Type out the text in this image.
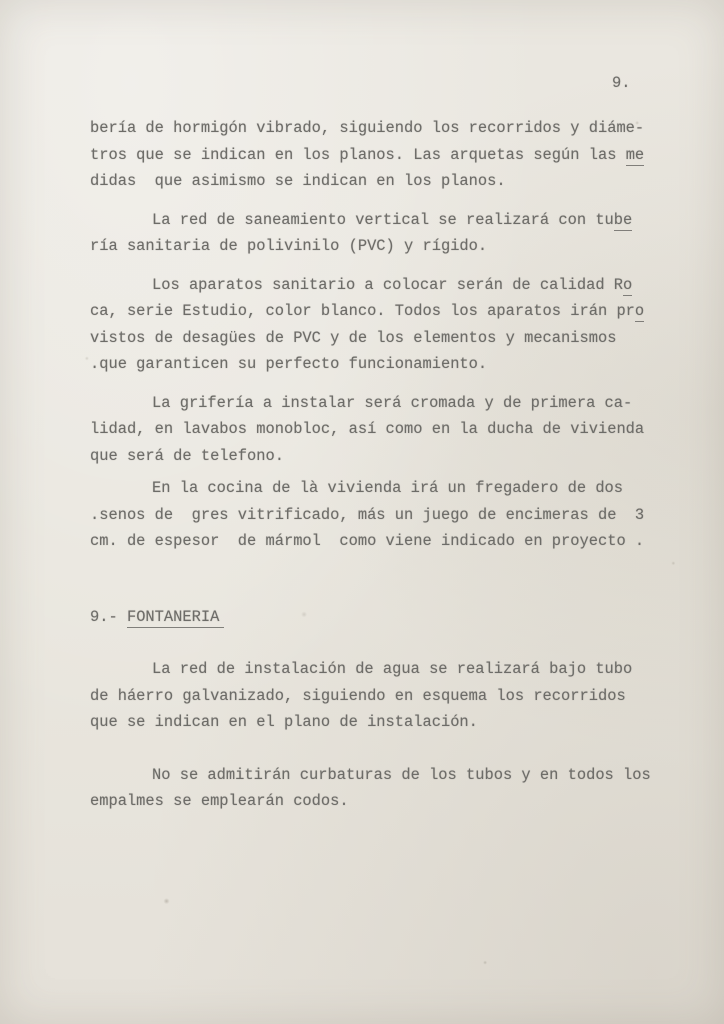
9.
bería de hormigón vibrado, siguiendo los recorridos y diáme-
tros que se indican en los planos. Las arquetas según las me
didas  que asimismo se indican en los planos.
La red de saneamiento vertical se realizará con tube
ría sanitaria de polivinilo (PVC) y rígido.
Los aparatos sanitario a colocar serán de calidad Ro
ca, serie Estudio, color blanco. Todos los aparatos irán pro
vistos de desagües de PVC y de los elementos y mecanismos
.que garanticen su perfecto funcionamiento.
La grifería a instalar será cromada y de primera ca-
lidad, en lavabos monobloc, así como en la ducha de vivienda
que será de telefono.
En la cocina de là vivienda irá un fregadero de dos
.senos de  gres vitrificado, más un juego de encimeras de  3
cm. de espesor  de mármol  como viene indicado en proyecto .
9.- FONTANERIA
La red de instalación de agua se realizará bajo tubo
de háerro galvanizado, siguiendo en esquema los recorridos
que se indican en el plano de instalación.
No se admitirán curbaturas de los tubos y en todos los
empalmes se emplearán codos.
